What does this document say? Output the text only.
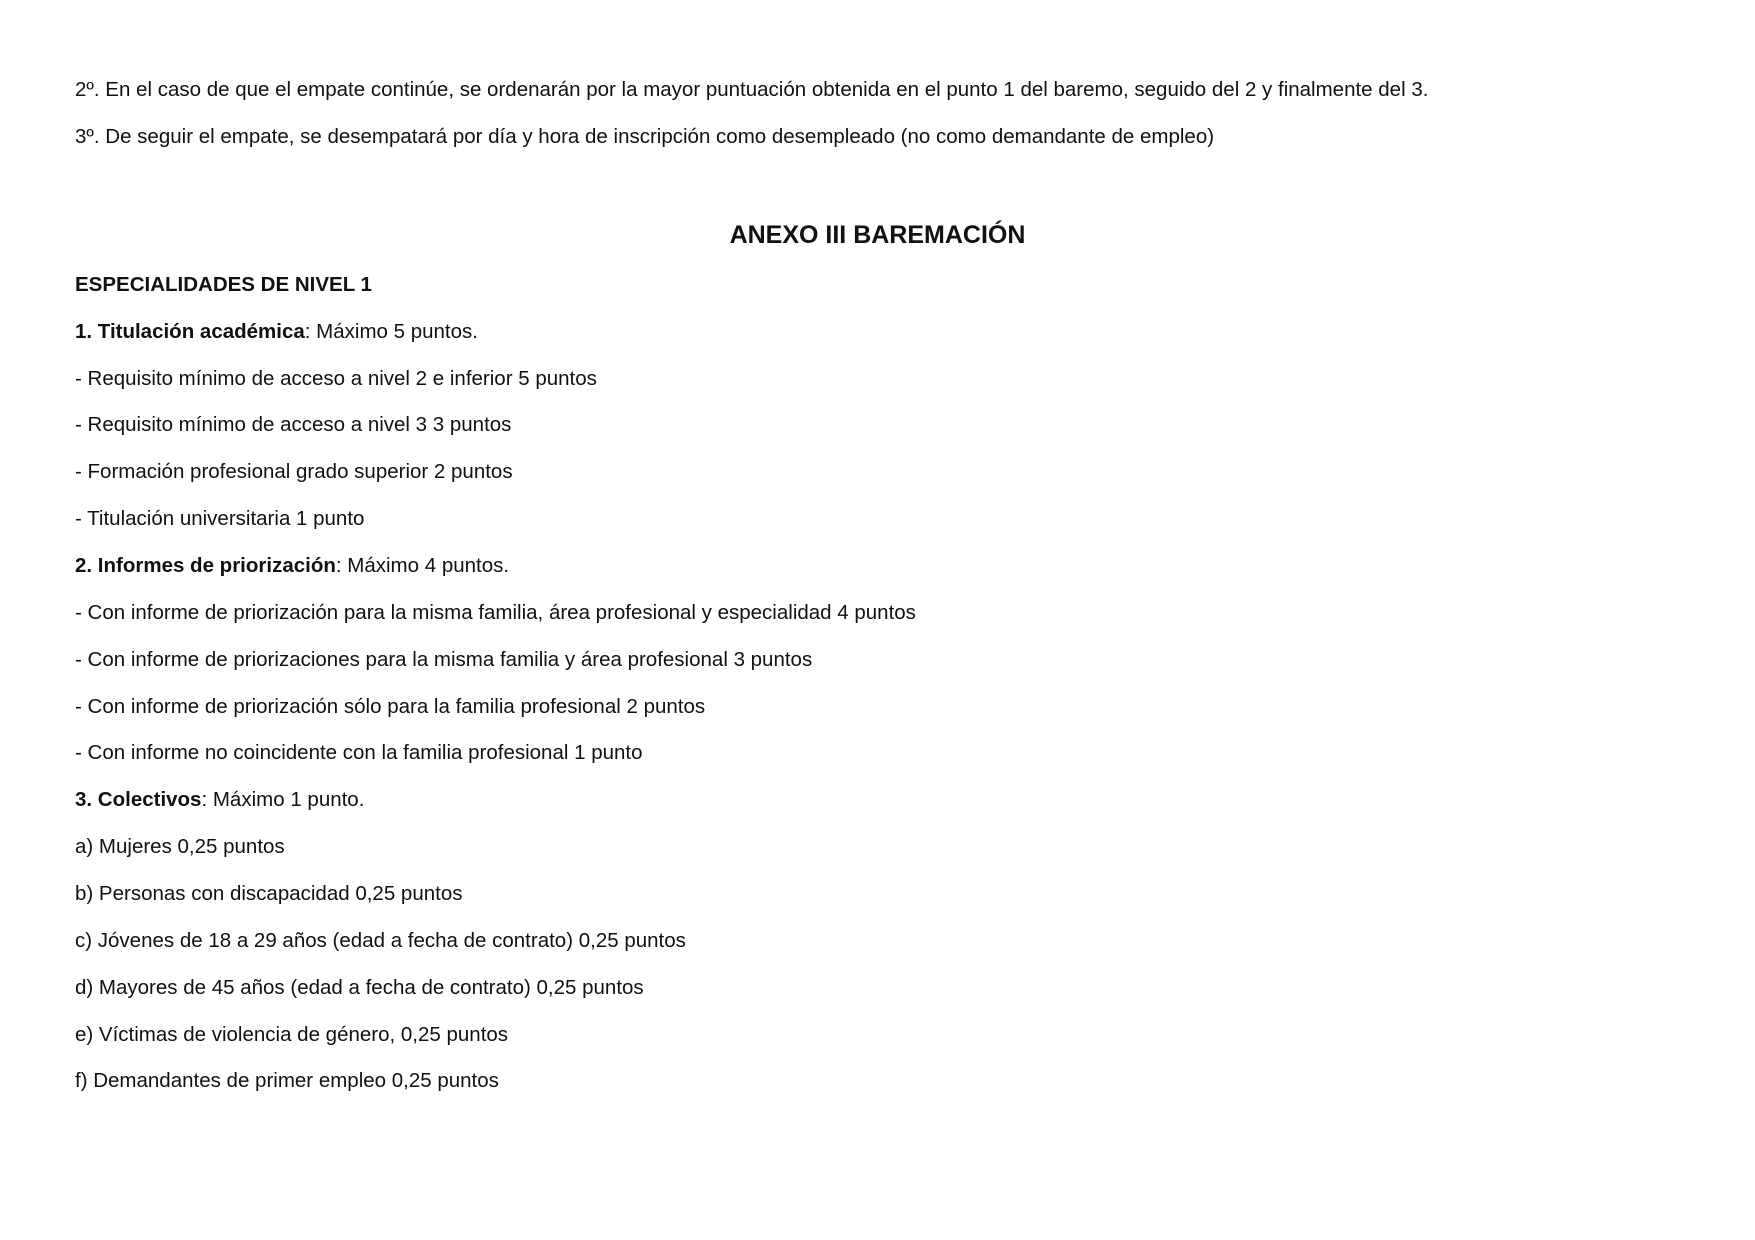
2º. En el caso de que el empate continúe, se ordenarán por la mayor puntuación obtenida en el punto 1 del baremo, seguido del 2 y finalmente del 3.
3º. De seguir el empate, se desempatará por día y hora de inscripción como desempleado (no como demandante de empleo)
ANEXO III BAREMACIÓN
ESPECIALIDADES DE NIVEL 1
1. Titulación académica: Máximo 5 puntos.
- Requisito mínimo de acceso a nivel 2 e inferior 5 puntos
- Requisito mínimo de acceso a nivel 3 3 puntos
- Formación profesional grado superior 2 puntos
- Titulación universitaria 1 punto
2. Informes de priorización: Máximo 4 puntos.
- Con informe de priorización para la misma familia, área profesional y especialidad 4 puntos
- Con informe de priorizaciones para la misma familia y área profesional 3 puntos
- Con informe de priorización sólo para la familia profesional 2 puntos
- Con informe no coincidente con la familia profesional 1 punto
3. Colectivos: Máximo 1 punto.
a) Mujeres 0,25 puntos
b) Personas con discapacidad 0,25 puntos
c) Jóvenes de 18 a 29 años (edad a fecha de contrato) 0,25 puntos
d) Mayores de 45 años (edad a fecha de contrato) 0,25 puntos
e) Víctimas de violencia de género, 0,25 puntos
f) Demandantes de primer empleo 0,25 puntos
